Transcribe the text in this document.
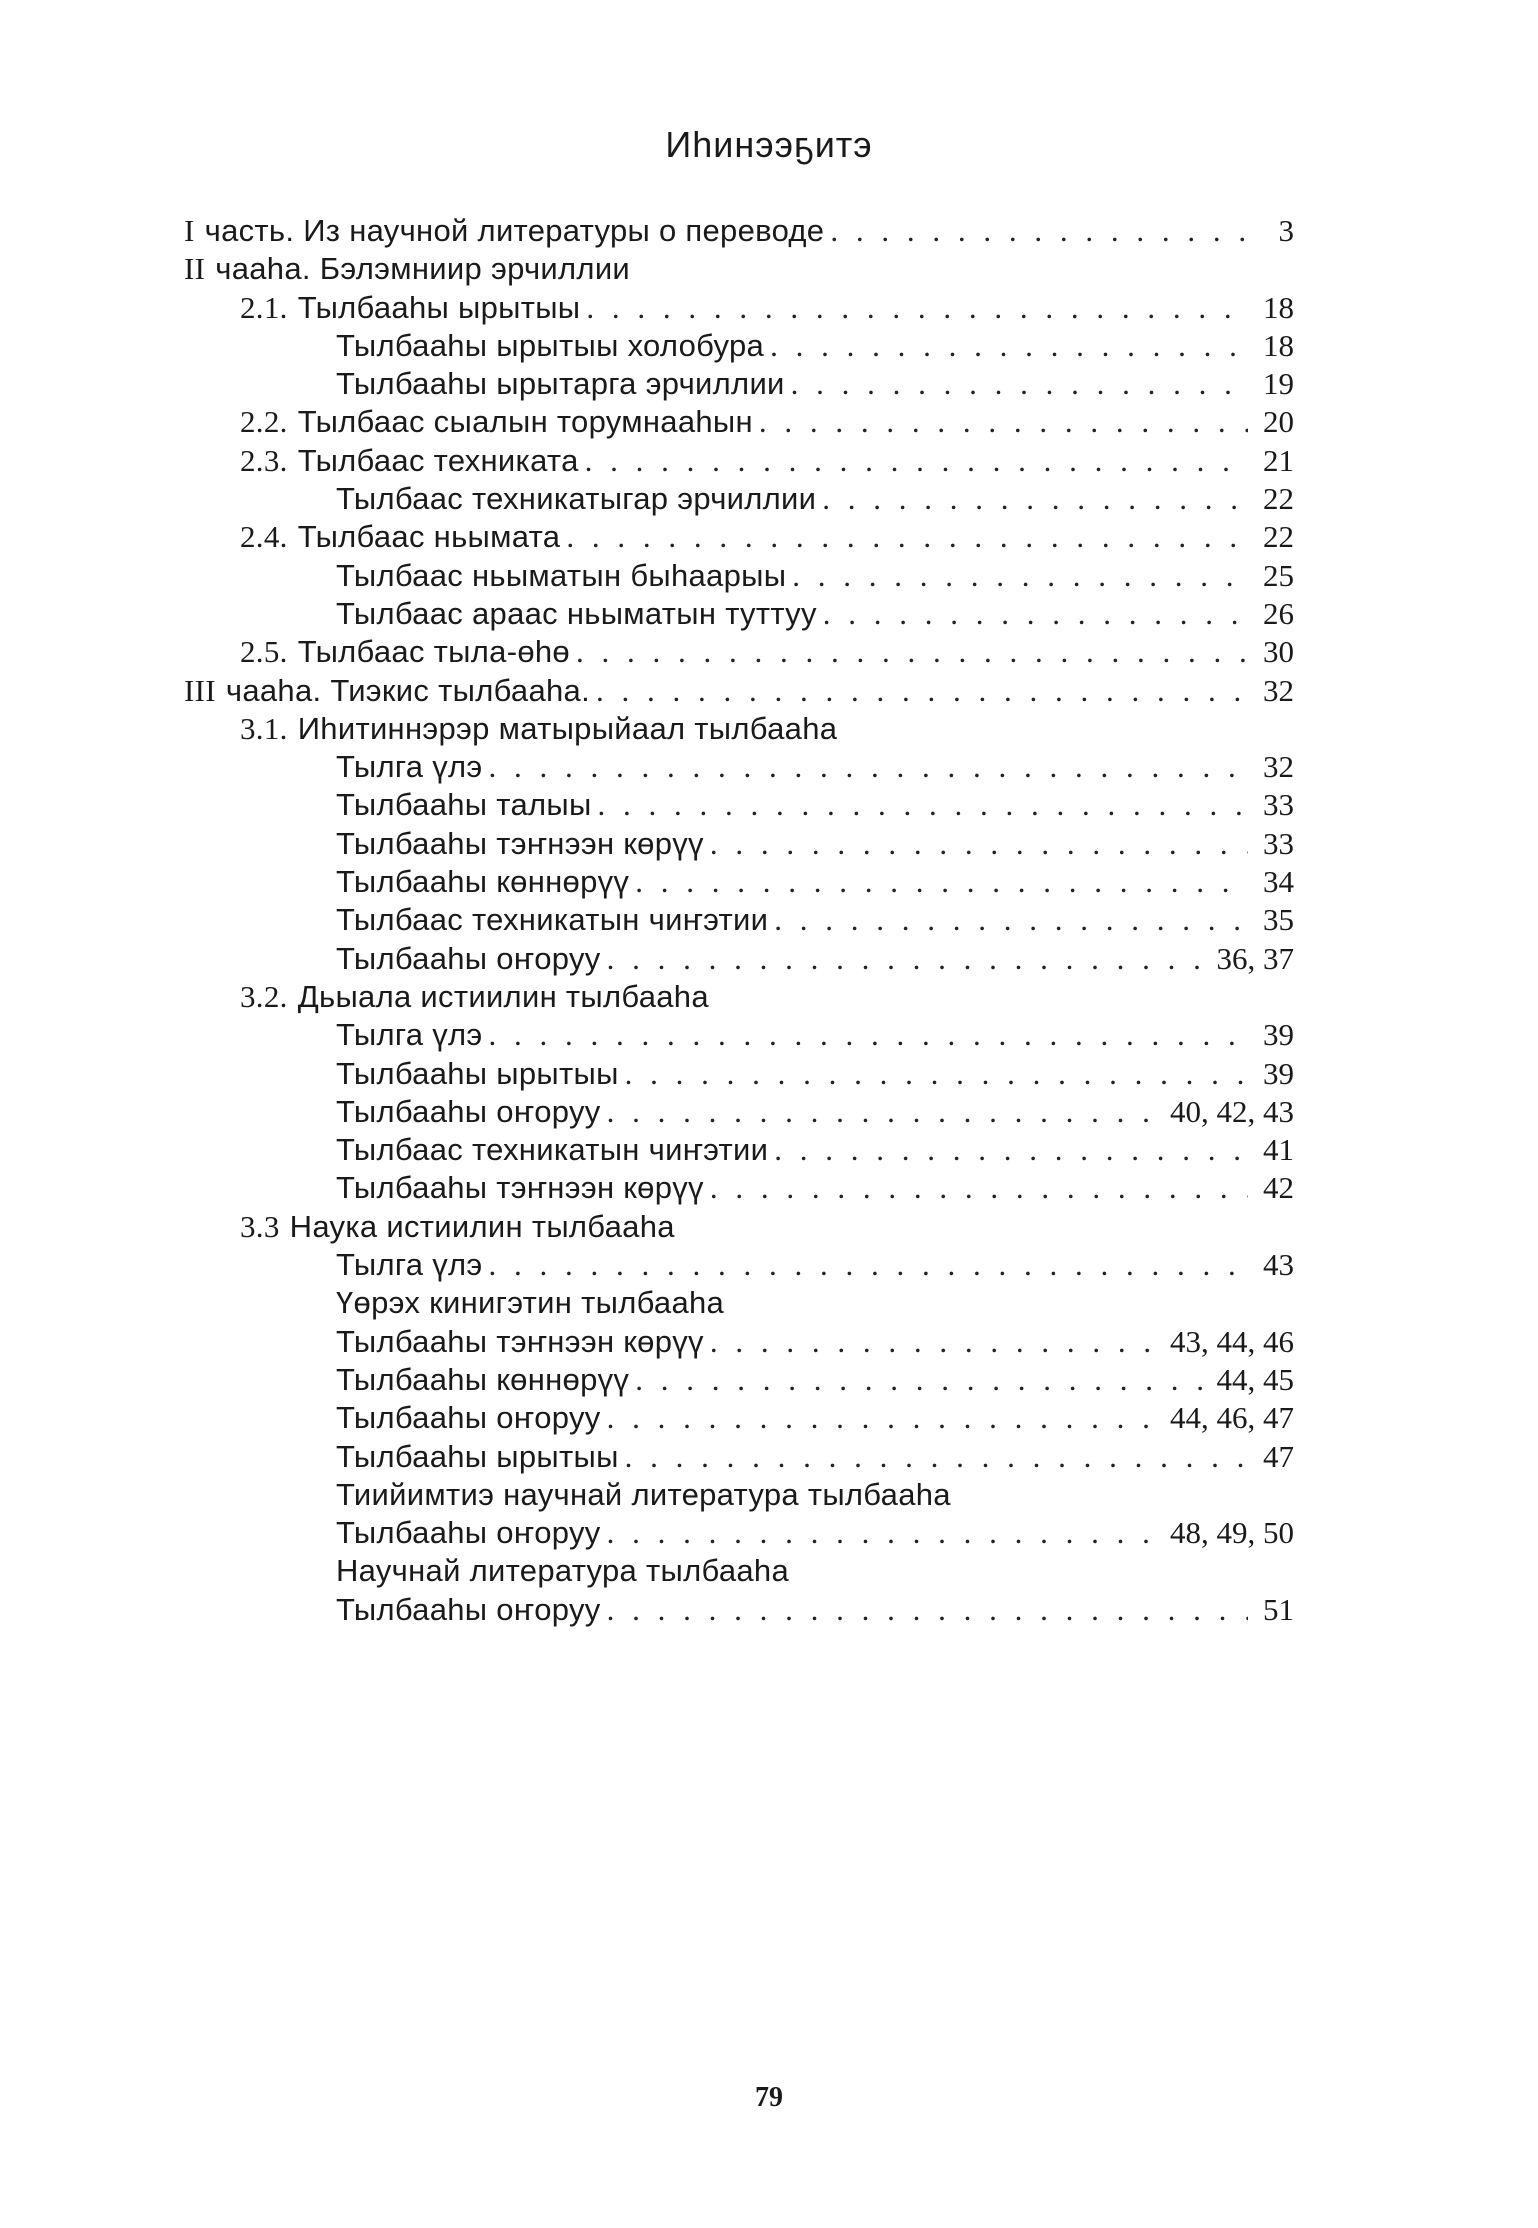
Иhинээҕитэ
I часть. Из научной литературы о переводе . . .	3
II чааhа. Бэлэмниир эрчиллии
2.1. Тылбааhы ырытыы . . .	18
Тылбааhы ырытыы холобура . . .	18
Тылбааhы ырытарга эрчиллии . . .	19
2.2. Тылбаас сыалын торумнааhын . . .	20
2.3. Тылбаас техниката . . .	21
Тылбаас техникатыгар эрчиллии . . .	22
2.4. Тылбаас ньымата . . .	22
Тылбаас ньыматын быhаарыы . . .	25
Тылбаас араас ньыматын туттуу . . .	26
2.5. Тылбаас тыла-өhө . . .	30
III чааhа. Тиэкис тылбааhа. . . .	32
3.1. Иhитиннэрэр матырыйаал тылбааhа
Тылга үлэ . . .	32
Тылбааhы талыы . . .	33
Тылбааhы тэҥнээн көрүү . . .	33
Тылбааhы көннөрүү . . .	34
Тылбаас техникатын чиҥэтии . . .	35
Тылбааhы оҥоруу . . .	36, 37
3.2. Дьыала истиилин тылбааhа
Тылга үлэ . . .	39
Тылбааhы ырытыы . . .	39
Тылбааhы оҥоруу . . .	40, 42, 43
Тылбаас техникатын чиҥэтии . . .	41
Тылбааhы тэҥнээн көрүү . . .	42
3.3 Наука истиилин тылбааhа
Тылга үлэ . . .	43
Үөрэх кинигэтин тылбааhа
Тылбааhы тэҥнээн көрүү . . .	43, 44, 46
Тылбааhы көннөрүү . . .	44, 45
Тылбааhы оҥоруу . . .	44, 46, 47
Тылбааhы ырытыы . . .	47
Тиийимтиэ научнай литература тылбааhа
Тылбааhы оҥоруу . . .	48, 49, 50
Научнай литература тылбааhа
Тылбааhы оҥоруу . . .	51
79
